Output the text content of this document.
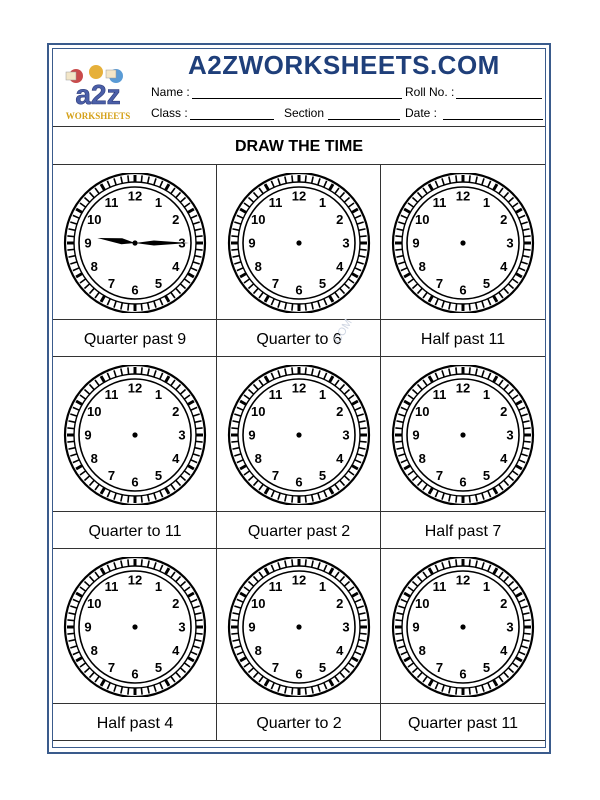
a2z
WORKSHEETS
A2ZWORKSHEETS.COM
Name :	Roll No. :
Class :	Section	Date :
DRAW THE TIME
12 1
2
4
5
6
7
8
9
10
11
Quarter past 9
12 1
2
3
4
5
6
7
8
9
10
11
Quarter to 6
12 1
2
3
4
5
6
7
8
9
10
11
Half past 11
12 1
2
3
4
5
6
7
8
9
10
11
Quarter to 11
12 1
2
3
4
5
6
7
8
9
10
11
Quarter past 2
12 1
2
3
4
5
6
7
8
9
10
11
Half past 7
12 1
2
3
4
5
6
7
8
9
10
11
Half past 4
12 1
2
3
4
5
6
7
8
9
10
11
Quarter to 2
12 1
2
3
4
5
6
7
8
9
10
11
Quarter past 11
.COM
